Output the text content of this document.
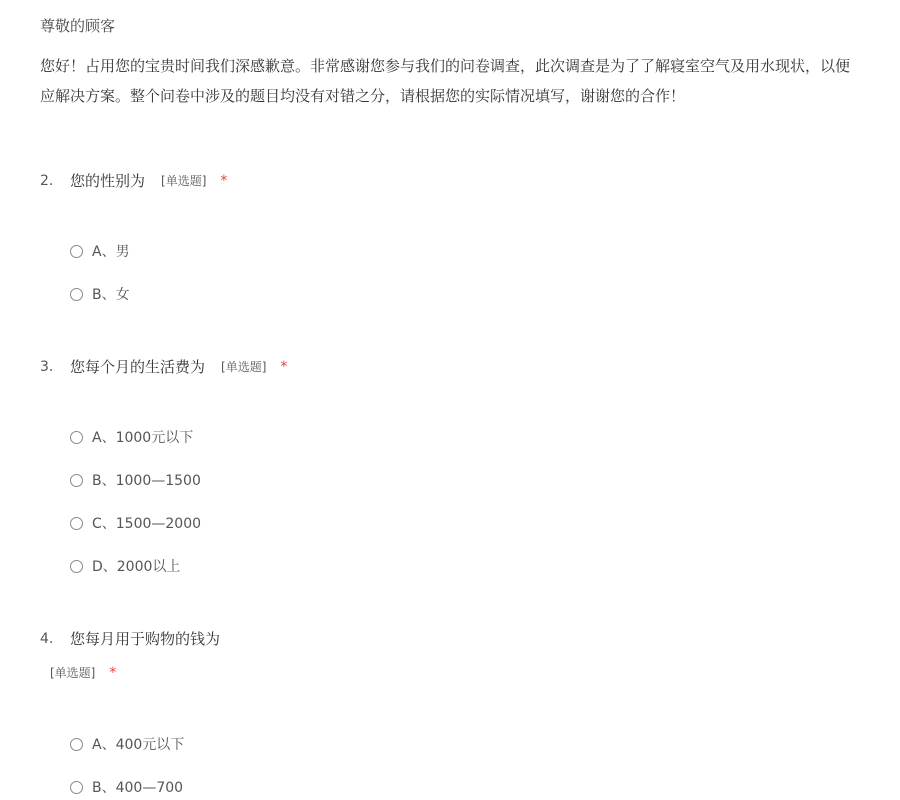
尊敬的顾客
您好！占用您的宝贵时间我们深感歉意。非常感谢您参与我们的问卷调查，此次调查是为了了解寝室空气及用水现状，以便
应解决方案。整个问卷中涉及的题目均没有对错之分，请根据您的实际情况填写，谢谢您的合作！
2.	您的性别为 [单选题] *
A、男
B、女
3.	您每个月的生活费为 [单选题] *
A、1000元以下
B、1000—1500
C、1500—2000
D、2000以上
4.	您每月用于购物的钱为
[单选题] *
A、400元以下
B、400—700
